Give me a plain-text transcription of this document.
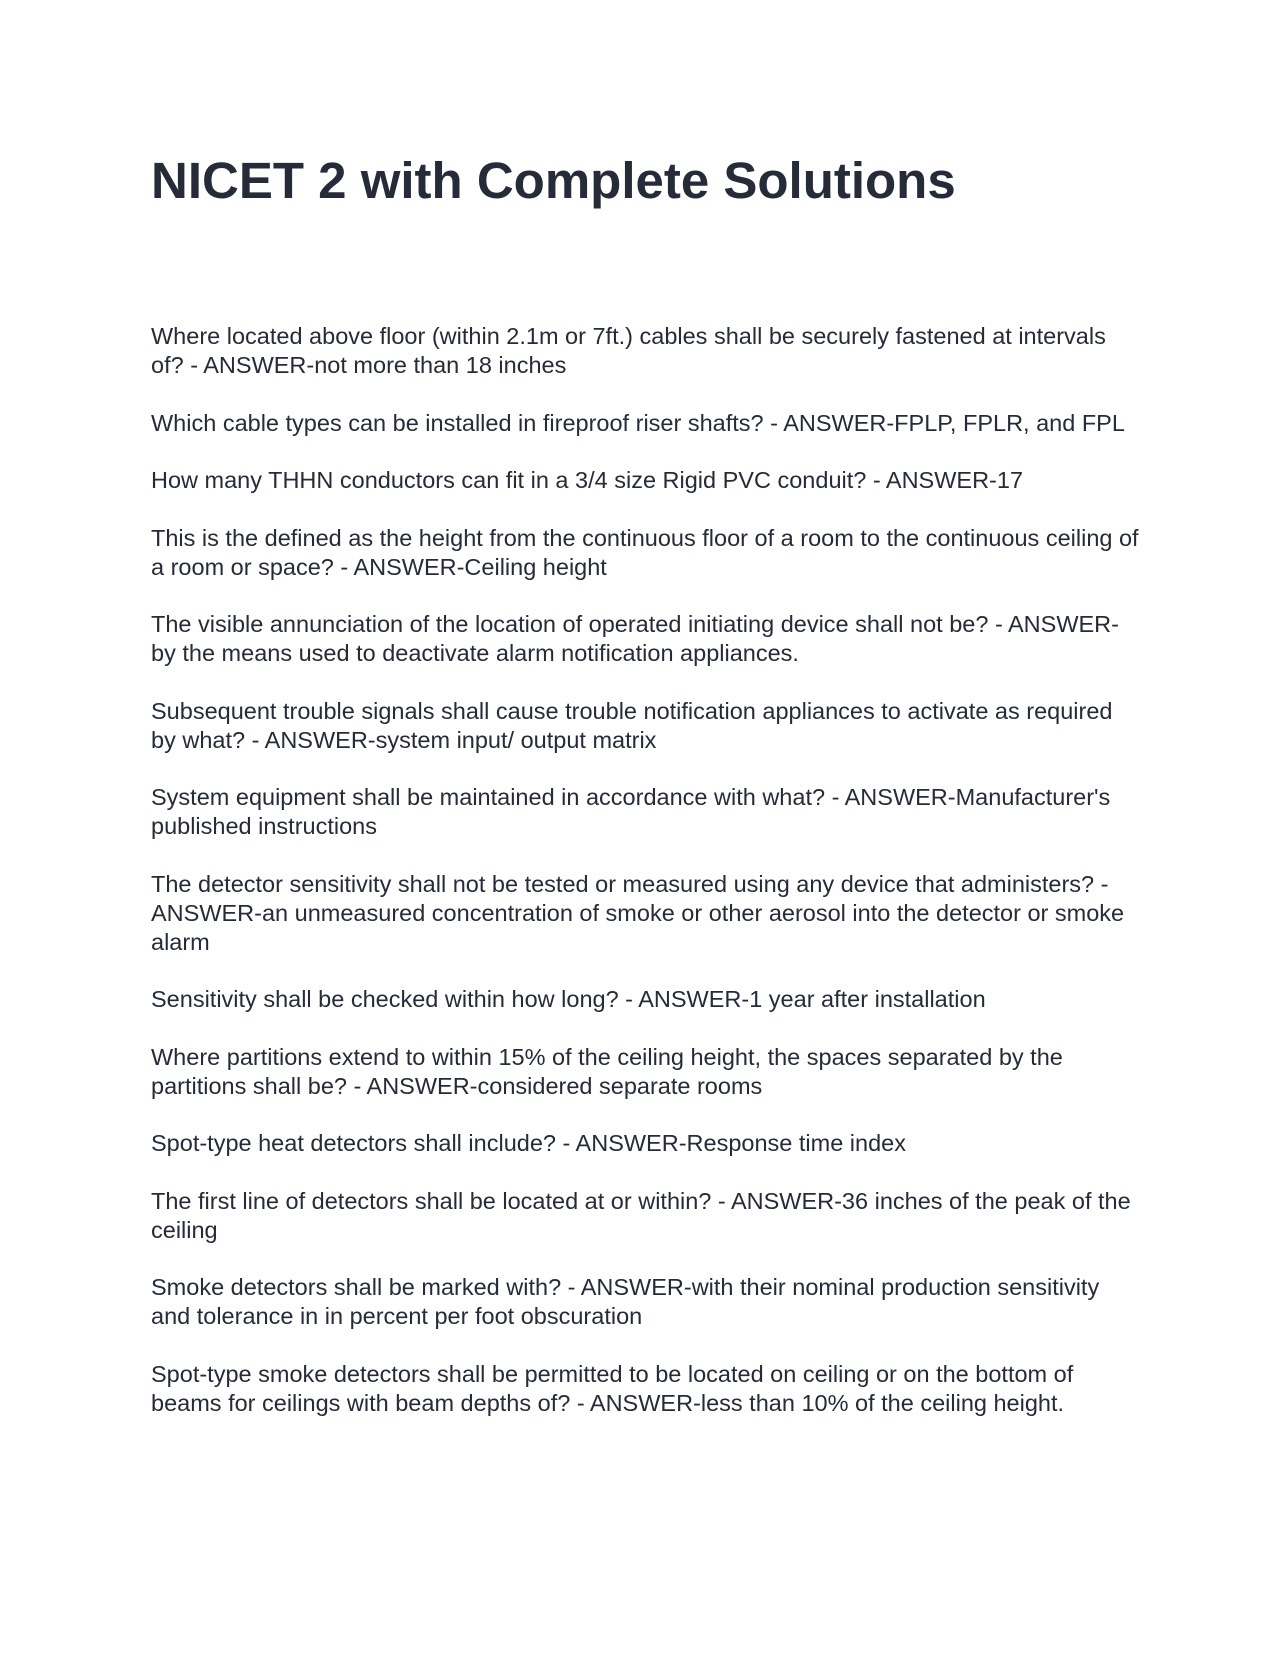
NICET 2 with Complete Solutions
Where located above floor (within 2.1m or 7ft.) cables shall be securely fastened at intervals of? - ANSWER-not more than 18 inches
Which cable types can be installed in fireproof riser shafts? - ANSWER-FPLP, FPLR, and FPL
How many THHN conductors can fit in a 3/4 size Rigid PVC conduit? - ANSWER-17
This is the defined as the height from the continuous floor of a room to the continuous ceiling of a room or space? - ANSWER-Ceiling height
The visible annunciation of the location of operated initiating device shall not be? - ANSWER-by the means used to deactivate alarm notification appliances.
Subsequent trouble signals shall cause trouble notification appliances to activate as required by what? - ANSWER-system input/ output matrix
System equipment shall be maintained in accordance with what? - ANSWER-Manufacturer's published instructions
The detector sensitivity shall not be tested or measured using any device that administers? - ANSWER-an unmeasured concentration of smoke or other aerosol into the detector or smoke alarm
Sensitivity shall be checked within how long? - ANSWER-1 year after installation
Where partitions extend to within 15% of the ceiling height, the spaces separated by the partitions shall be? - ANSWER-considered separate rooms
Spot-type heat detectors shall include? - ANSWER-Response time index
The first line of detectors shall be located at or within? - ANSWER-36 inches of the peak of the ceiling
Smoke detectors shall be marked with? - ANSWER-with their nominal production sensitivity and tolerance in in percent per foot obscuration
Spot-type smoke detectors shall be permitted to be located on ceiling or on the bottom of beams for ceilings with beam depths of? - ANSWER-less than 10% of the ceiling height.
